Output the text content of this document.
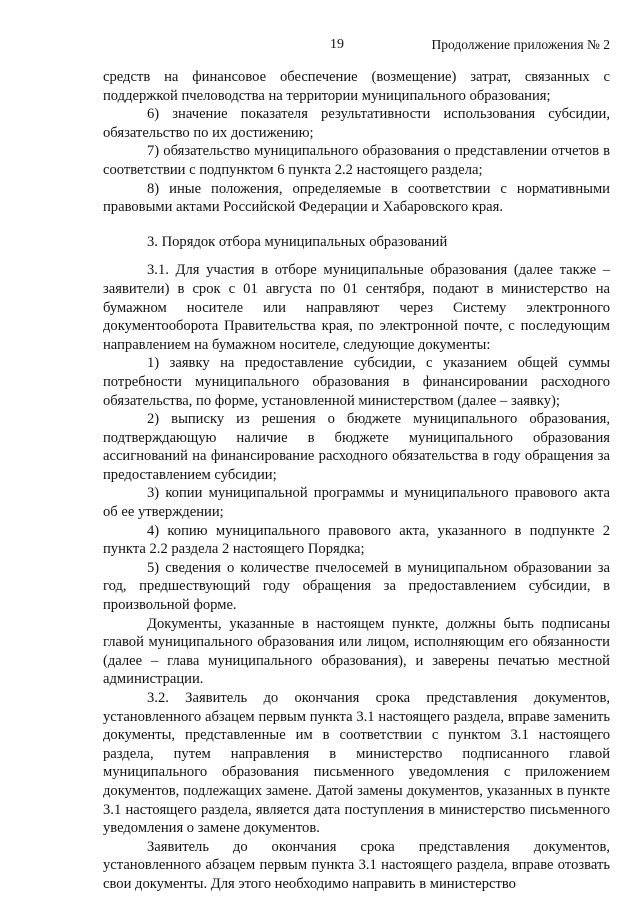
19	Продолжение приложения № 2

средств на финансовое обеспечение (возмещение) затрат, связанных с поддержкой пчеловодства на территории муниципального образования;

6) значение показателя результативности использования субсидии, обязательство по их достижению;

7) обязательство муниципального образования о представлении отчетов в соответствии с подпунктом 6 пункта 2.2 настоящего раздела;

8) иные положения, определяемые в соответствии с нормативными правовыми актами Российской Федерации и Хабаровского края.

3. Порядок отбора муниципальных образований

3.1. Для участия в отборе муниципальные образования (далее также – заявители) в срок с 01 августа по 01 сентября, подают в министерство на бумажном носителе или направляют через Систему электронного документооборота Правительства края, по электронной почте, с последующим направлением на бумажном носителе, следующие документы:

1) заявку на предоставление субсидии, с указанием общей суммы потребности муниципального образования в финансировании расходного обязательства, по форме, установленной министерством (далее – заявку);

2) выписку из решения о бюджете муниципального образования, подтверждающую наличие в бюджете муниципального образования ассигнований на финансирование расходного обязательства в году обращения за предоставлением субсидии;

3) копии муниципальной программы и муниципального правового акта об ее утверждении;

4) копию муниципального правового акта, указанного в подпункте 2 пункта 2.2 раздела 2 настоящего Порядка;

5) сведения о количестве пчелосемей в муниципальном образовании за год, предшествующий году обращения за предоставлением субсидии, в произвольной форме.

Документы, указанные в настоящем пункте, должны быть подписаны главой муниципального образования или лицом, исполняющим его обязанности (далее – глава муниципального образования), и заверены печатью местной администрации.

3.2. Заявитель до окончания срока представления документов, установленного абзацем первым пункта 3.1 настоящего раздела, вправе заменить документы, представленные им в соответствии с пунктом 3.1 настоящего раздела, путем направления в министерство подписанного главой муниципального образования письменного уведомления с приложением документов, подлежащих замене. Датой замены документов, указанных в пункте 3.1 настоящего раздела, является дата поступления в министерство письменного уведомления о замене документов.

Заявитель до окончания срока представления документов, установленного абзацем первым пункта 3.1 настоящего раздела, вправе отозвать свои документы. Для этого необходимо направить в министерство
